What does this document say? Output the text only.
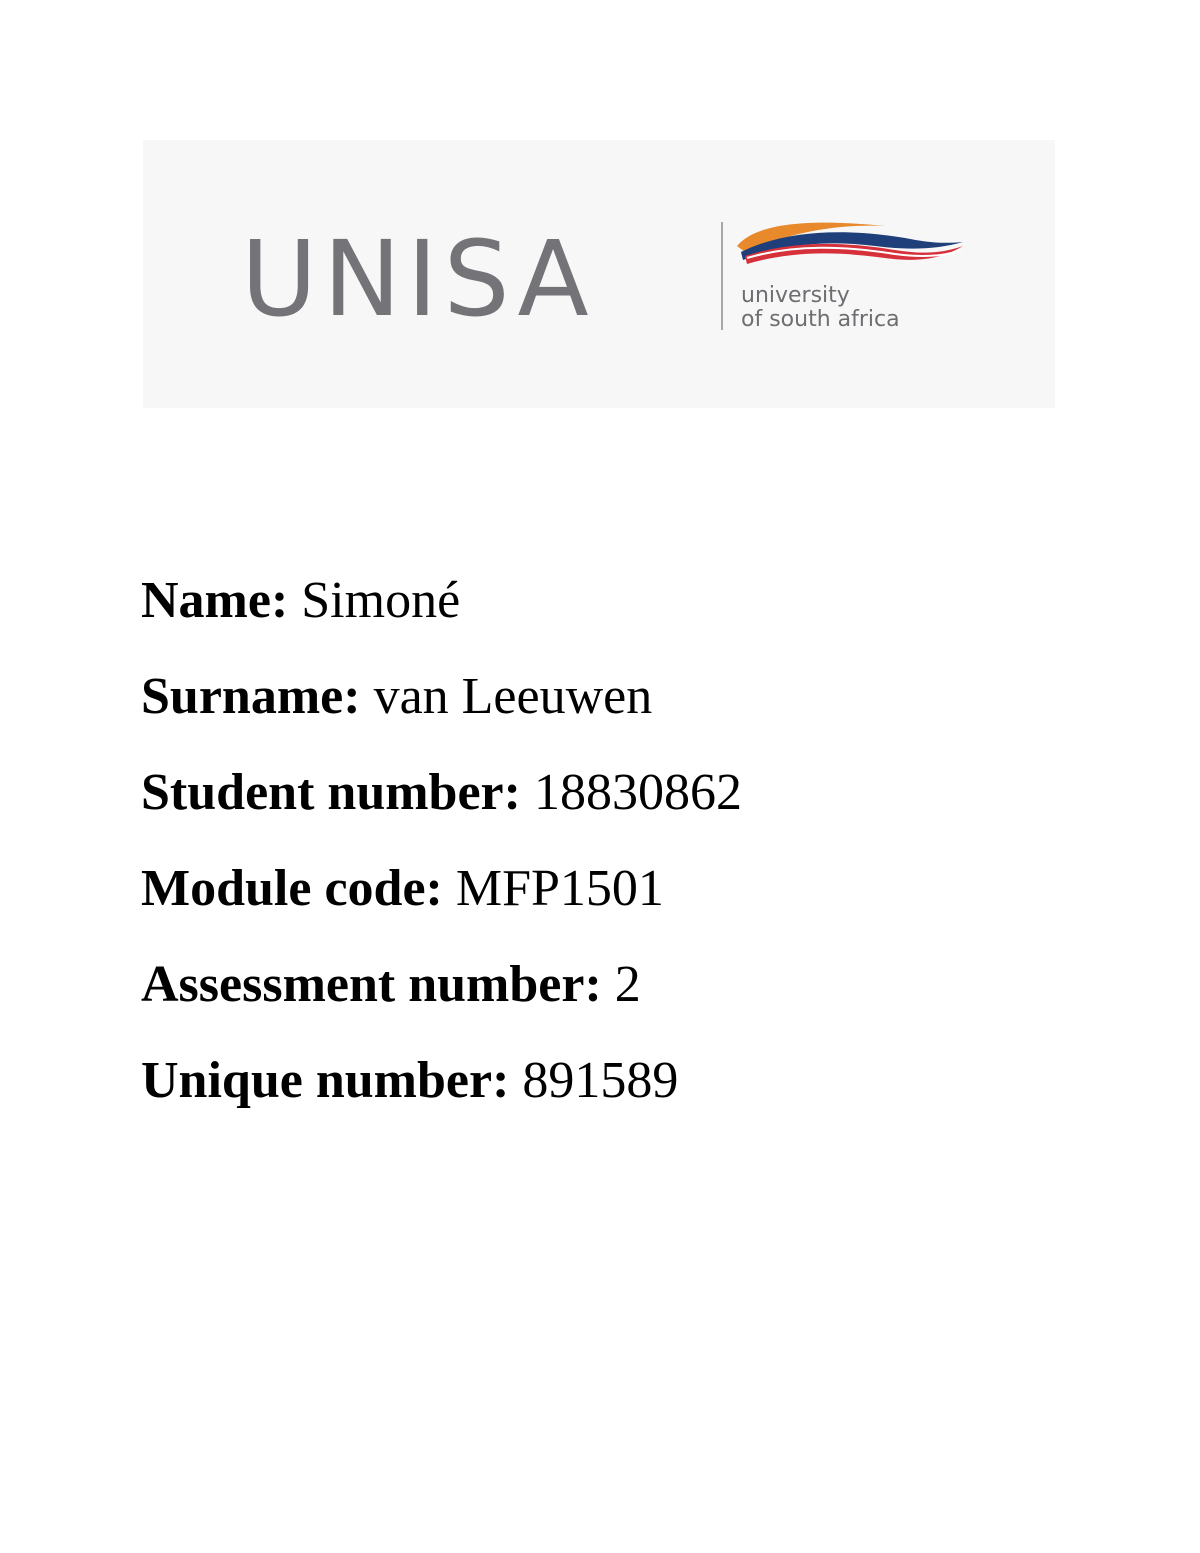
UNISA	university
of south africa
Name: Simoné
Surname: van Leeuwen
Student number: 18830862
Module code: MFP1501
Assessment number: 2
Unique number: 891589
